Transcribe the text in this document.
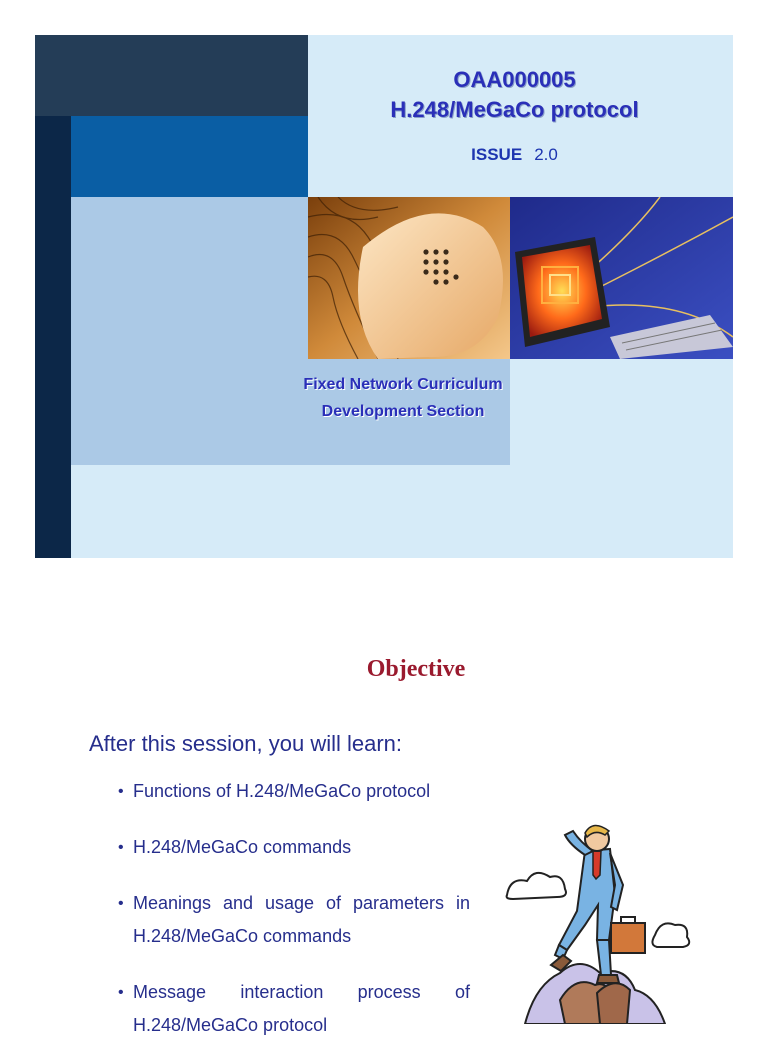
OAA000005
H.248/MeGaCo protocol
ISSUE 2.0
Fixed Network Curriculum
Development Section
Objective
After this session, you will learn:
• Functions of H.248/MeGaCo protocol
• H.248/MeGaCo commands
• Meanings and usage of parameters in H.248/MeGaCo commands
• Message interaction process of H.248/MeGaCo protocol
